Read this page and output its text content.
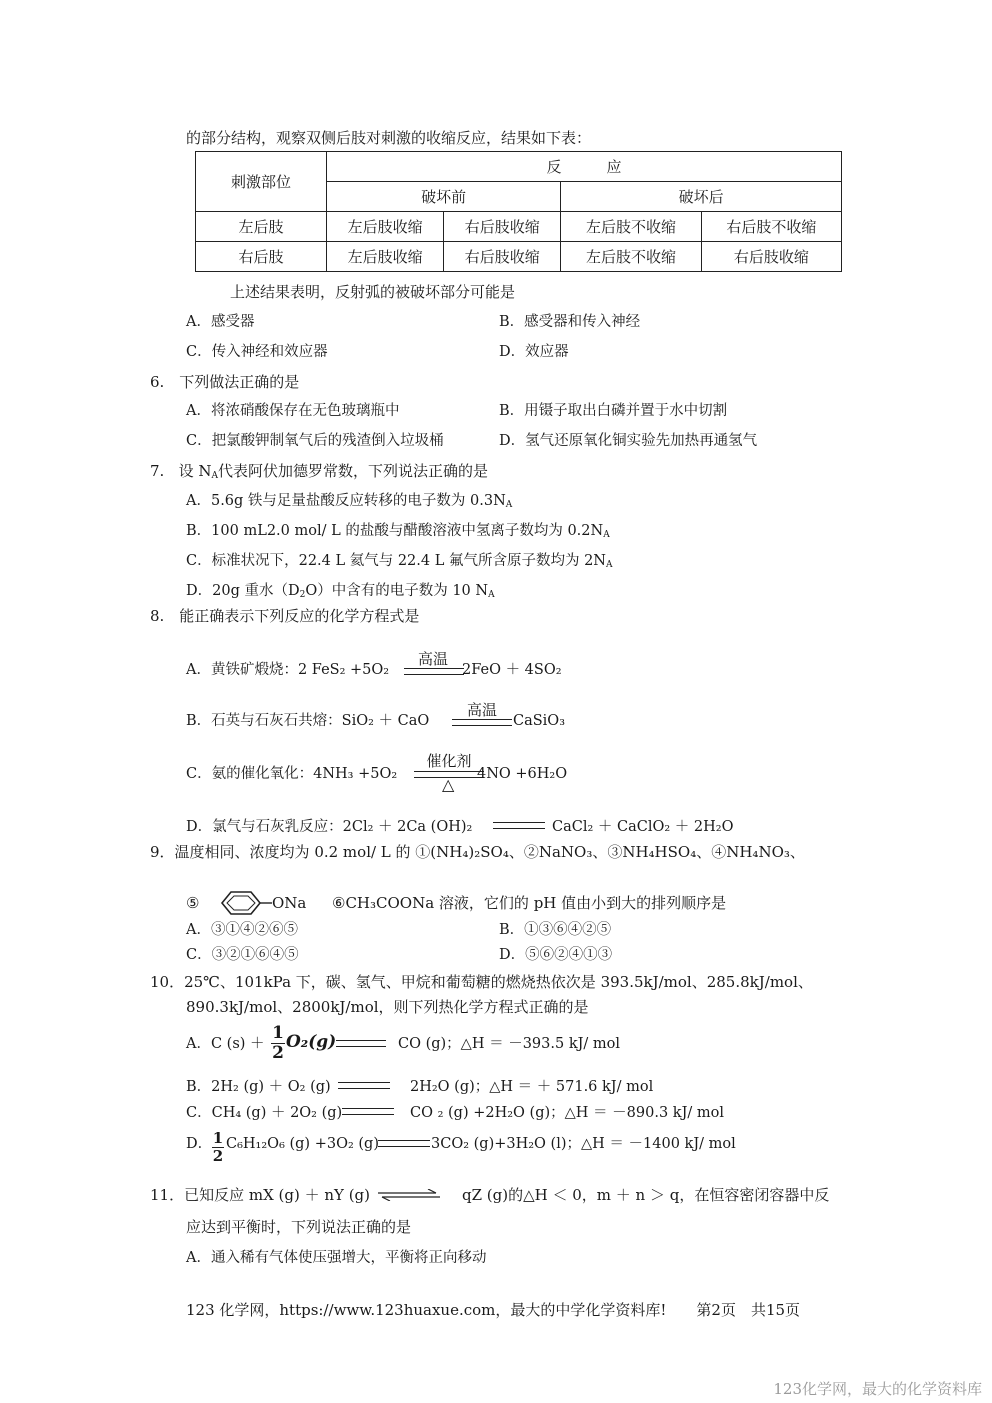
的部分结构，观察双侧后肢对刺激的收缩反应，结果如下表：
刺激部位	反　　　应			
	破坏前		破坏后	
左后肢	左后肢收缩	右后肢收缩	左后肢不收缩	右后肢不收缩
右后肢	左后肢收缩	右后肢收缩	左后肢不收缩	右后肢收缩
上述结果表明，反射弧的被破坏部分可能是
A．感受器	B．感受器和传入神经
C．传入神经和效应器	D．效应器
6.　下列做法正确的是
A．将浓硝酸保存在无色玻璃瓶中	B．用镊子取出白磷并置于水中切割
C．把氯酸钾制氧气后的残渣倒入垃圾桶	D．氢气还原氧化铜实验先加热再通氢气
7. 设 $N_A$代表阿伏加德罗常数，下列说法正确的是
A．5.6g 铁与足量盐酸反应转移的电子数为 $0.3N_A$
B．100 mL2.0 mol/ L 的盐酸与醋酸溶液中氢离子数均为 $0.2N_A$
C．标准状况下，22.4 L 氦气与 22.4 L 氟气所含原子数均为 $2N_A$
D．20g 重水$(D_2O)$中含有的电子数为 10 $N_A$
8.　能正确表示下列反应的化学方程式是
A．黄铁矿煅烧：2 FeS₂ +5O₂
高温
2FeO ＋ 4SO₂
B．石英与石灰石共熔：SiO₂ ＋ CaO
高温
CaSiO₃
C．氨的催化氧化：4NH₃ +5O₂
催化剂
△
4NO +6H₂O
D．氯气与石灰乳反应：2Cl₂ ＋ 2Ca (OH)₂	CaCl₂ ＋ CaClO₂ ＋ 2H₂O
9．温度相同、浓度均为 0.2 mol/ L 的 ①(NH₄)₂SO₄、②NaNO₃、③NH₄HSO₄、④NH₄NO₃、
⑤	ONa ⑥CH₃COONa 溶液，它们的 pH 值由小到大的排列顺序是
A．③①④②⑥⑤	B．①③⑥④②⑤
C．③②①⑥④⑤	D．⑤⑥②④①③
10．25℃、101kPa 下，碳、氢气、甲烷和葡萄糖的燃烧热依次是 393.5kJ/mol、285.8kJ/mol、
890.3kJ/mol、2800kJ/mol，则下列热化学方程式正确的是
A．C $(s) + \frac{1}{2} O_2(g)$	CO (g)；△H ＝ －393.5 kJ/ mol
B．2H₂ (g) ＋ O₂ (g)	2H₂O (g)；△H ＝ ＋ 571.6 kJ/ mol
C．CH₄ (g) ＋ 2O₂ (g)	CO ₂ (g) +2H₂O (g)；△H ＝ －890.3 kJ/ mol
D． $\frac{1}{2} C_6H_{12}O_6$ (g) +3O₂ (g)	3CO₂ (g)+3H₂O (l)；△H ＝ －1400 kJ/ mol
11．已知反应 mX (g) ＋ nY (g) ⇌ qZ (g)的△H ＜ 0，m ＋ n ＞ q，在恒容密闭容器中反
应达到平衡时，下列说法正确的是
A．通入稀有气体使压强增大，平衡将正向移动
123 化学网，https://www.123huaxue.com，最大的中学化学资料库!　　第2页　共15页
123化学网，最大的化学资料库
